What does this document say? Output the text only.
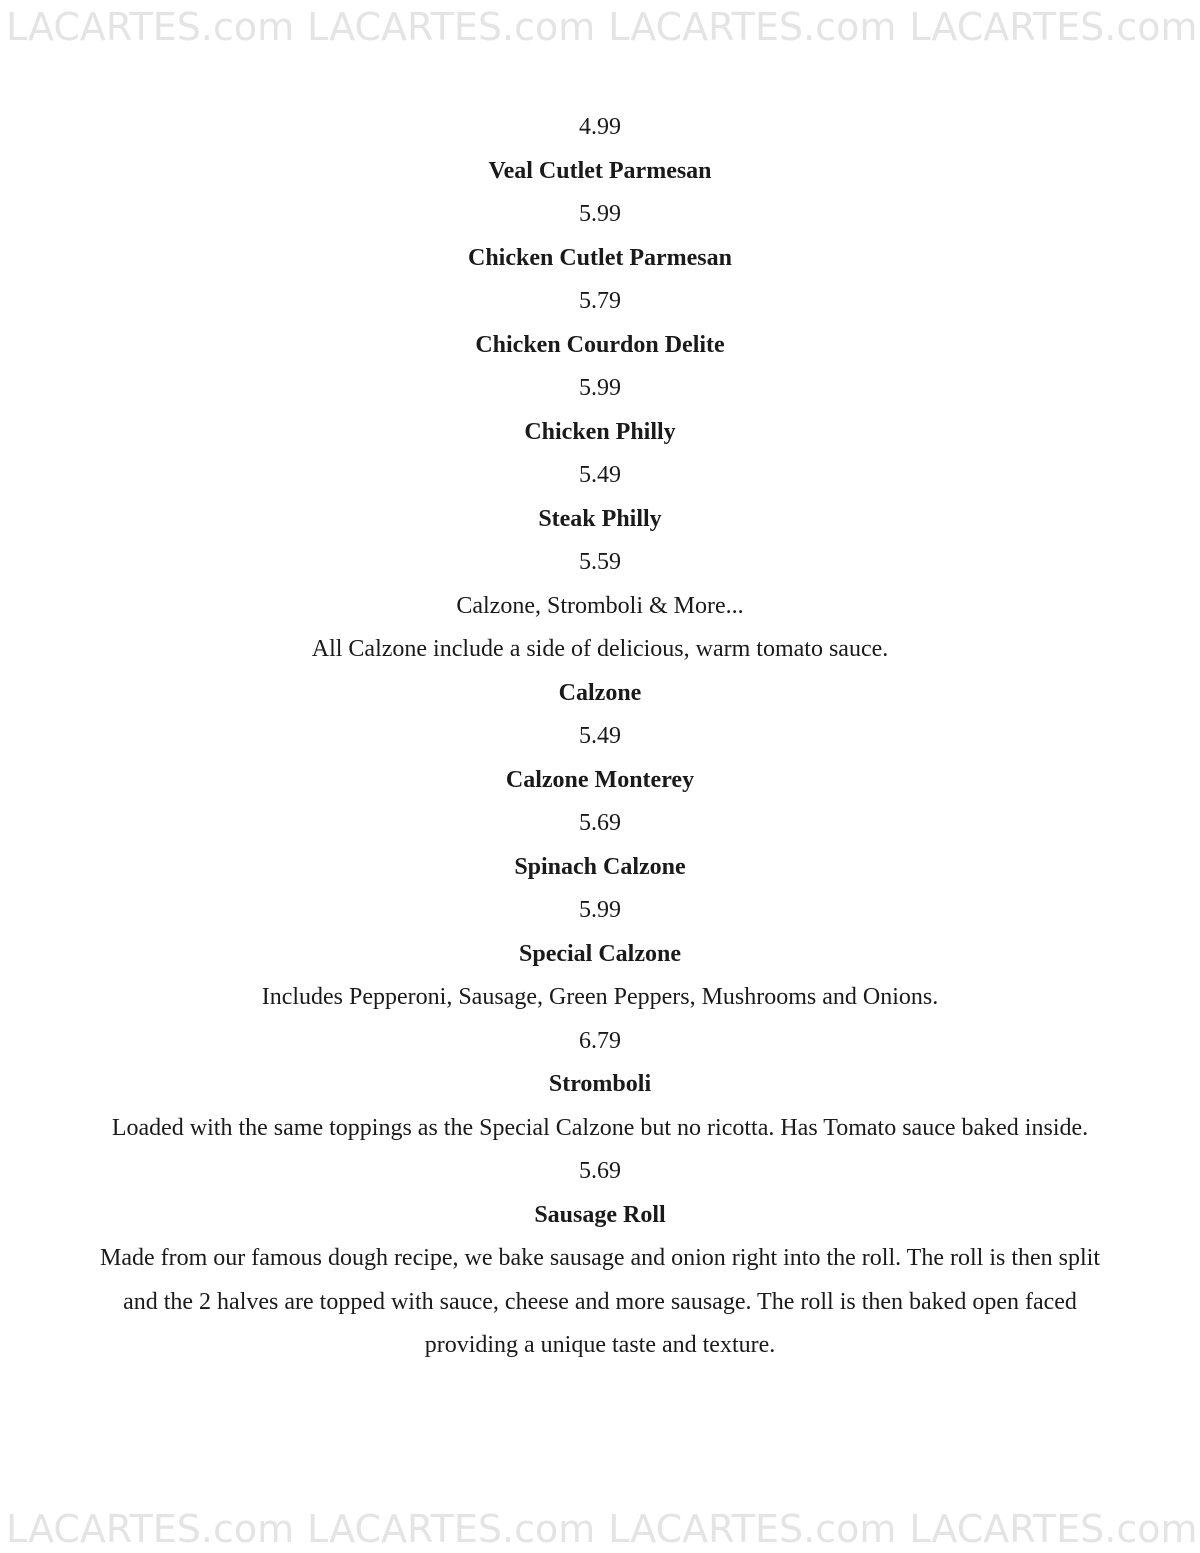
LACARTES.com LACARTES.com LACARTES.com LACARTES.com

4.99

Veal Cutlet Parmesan

5.99

Chicken Cutlet Parmesan

5.79

Chicken Courdon Delite

5.99

Chicken Philly

5.49

Steak Philly

5.59

Calzone, Stromboli & More...

All Calzone include a side of delicious, warm tomato sauce.

Calzone

5.49

Calzone Monterey

5.69

Spinach Calzone

5.99

Special Calzone

Includes Pepperoni, Sausage, Green Peppers, Mushrooms and Onions.

6.79

Stromboli

Loaded with the same toppings as the Special Calzone but no ricotta. Has Tomato sauce baked inside.

5.69

Sausage Roll

Made from our famous dough recipe, we bake sausage and onion right into the roll. The roll is then split and the 2 halves are topped with sauce, cheese and more sausage. The roll is then baked open faced providing a unique taste and texture.

LACARTES.com LACARTES.com LACARTES.com LACARTES.com
